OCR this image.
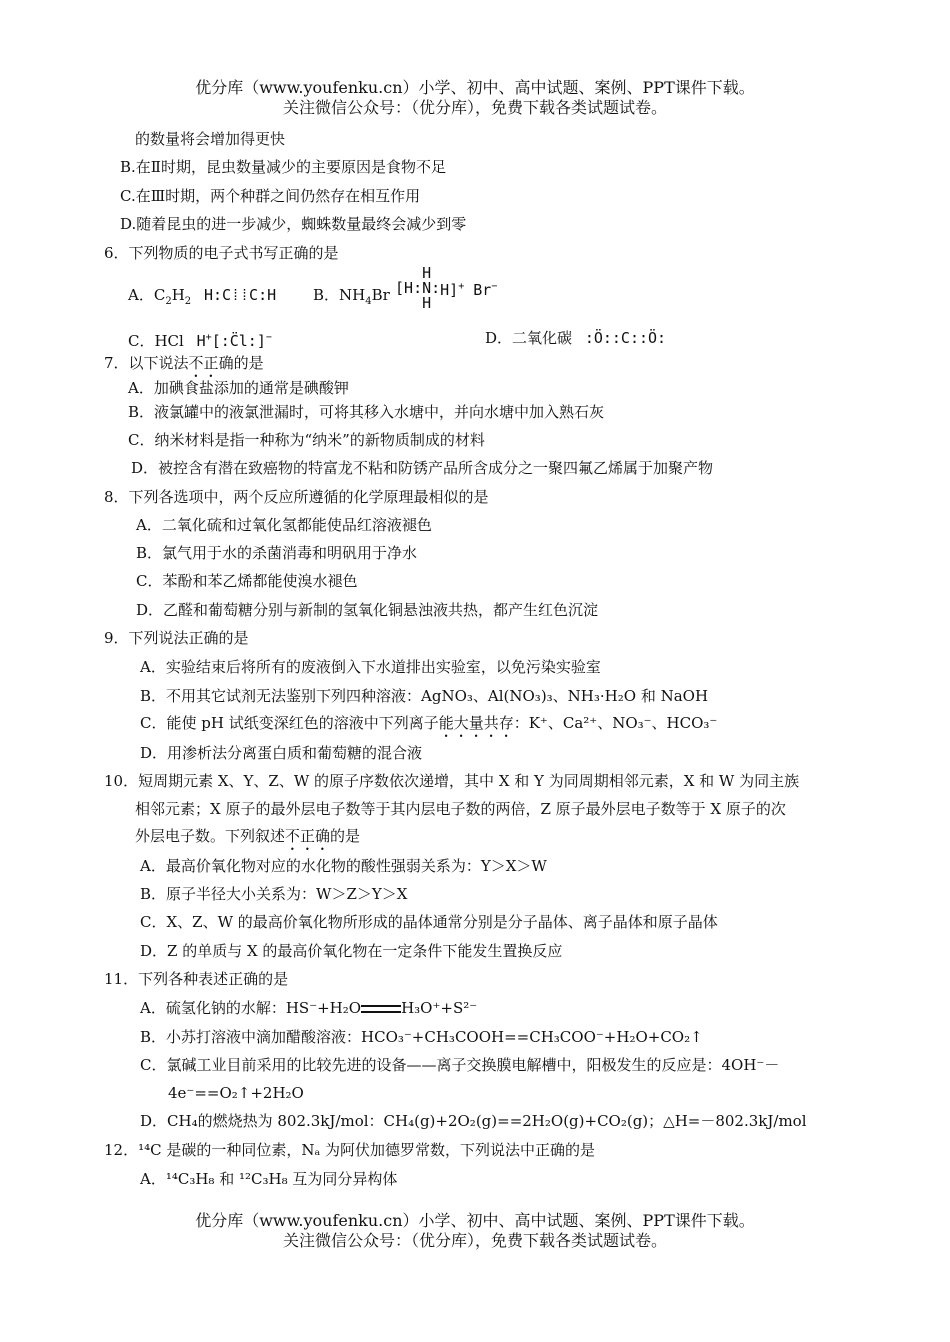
优分库（www.youfenku.cn）小学、初中、高中试题、案例、PPT课件下载。
关注微信公众号：（优分库），免费下载各类试题试卷。
的数量将会增加得更快
B.在Ⅱ时期，昆虫数量减少的主要原因是食物不足
C.在Ⅲ时期，两个种群之间仍然存在相互作用
D.随着昆虫的进一步减少，蜘蛛数量最终会减少到零
6．下列物质的电子式书写正确的是
A．$C_2H_2$ H:C⁞⁞C:H B．$NH_4Br$ [HH
:N:
HH]+ Br−
C．HCl H+[:C̈l:]−	D．二氧化碳 :Ö::C::Ö:
7．以下说法不正确的是
A．加碘食盐添加的通常是碘酸钾
B．液氯罐中的液氯泄漏时，可将其移入水塘中，并向水塘中加入熟石灰
C．纳米材料是指一种称为“纳米”的新物质制成的材料
D．被控含有潜在致癌物的特富龙不粘和防锈产品所含成分之一聚四氟乙烯属于加聚产物
8．下列各选项中，两个反应所遵循的化学原理最相似的是
A．二氧化硫和过氧化氢都能使品红溶液褪色
B．氯气用于水的杀菌消毒和明矾用于净水
C．苯酚和苯乙烯都能使溴水褪色
D．乙醛和葡萄糖分别与新制的氢氧化铜悬浊液共热，都产生红色沉淀
9．下列说法正确的是
A．实验结束后将所有的废液倒入下水道排出实验室，以免污染实验室
B．不用其它试剂无法鉴别下列四种溶液：AgNO₃、Al(NO₃)₃、NH₃·H₂O 和 NaOH
C．能使 pH 试纸变深红色的溶液中下列离子能大量共存：K⁺、Ca²⁺、NO₃⁻、HCO₃⁻
D．用渗析法分离蛋白质和葡萄糖的混合液
10．短周期元素 X、Y、Z、W 的原子序数依次递增，其中 X 和 Y 为同周期相邻元素，X 和 W 为同主族
相邻元素；X 原子的最外层电子数等于其内层电子数的两倍，Z 原子最外层电子数等于 X 原子的次
外层电子数。下列叙述不正确的是
A．最高价氧化物对应的水化物的酸性强弱关系为：Y＞X＞W
B．原子半径大小关系为：W＞Z＞Y＞X
C．X、Z、W 的最高价氧化物所形成的晶体通常分别是分子晶体、离子晶体和原子晶体
D．Z 的单质与 X 的最高价氧化物在一定条件下能发生置换反应
11．下列各种表述正确的是
A．硫氢化钠的水解：HS⁻+H₂O	H₃O⁺+S²⁻
B．小苏打溶液中滴加醋酸溶液：HCO₃⁻+CH₃COOH==CH₃COO⁻+H₂O+CO₂↑
C．氯碱工业目前采用的比较先进的设备——离子交换膜电解槽中，阳极发生的反应是：4OH⁻－
4e⁻==O₂↑+2H₂O
D．CH₄的燃烧热为 802.3kJ/mol：CH₄(g)+2O₂(g)==2H₂O(g)+CO₂(g)；△H=－802.3kJ/mol
12．¹⁴C 是碳的一种同位素，Nₐ 为阿伏加德罗常数，下列说法中正确的是
A．¹⁴C₃H₈ 和 ¹²C₃H₈ 互为同分异构体
优分库（www.youfenku.cn）小学、初中、高中试题、案例、PPT课件下载。
关注微信公众号：（优分库），免费下载各类试题试卷。
